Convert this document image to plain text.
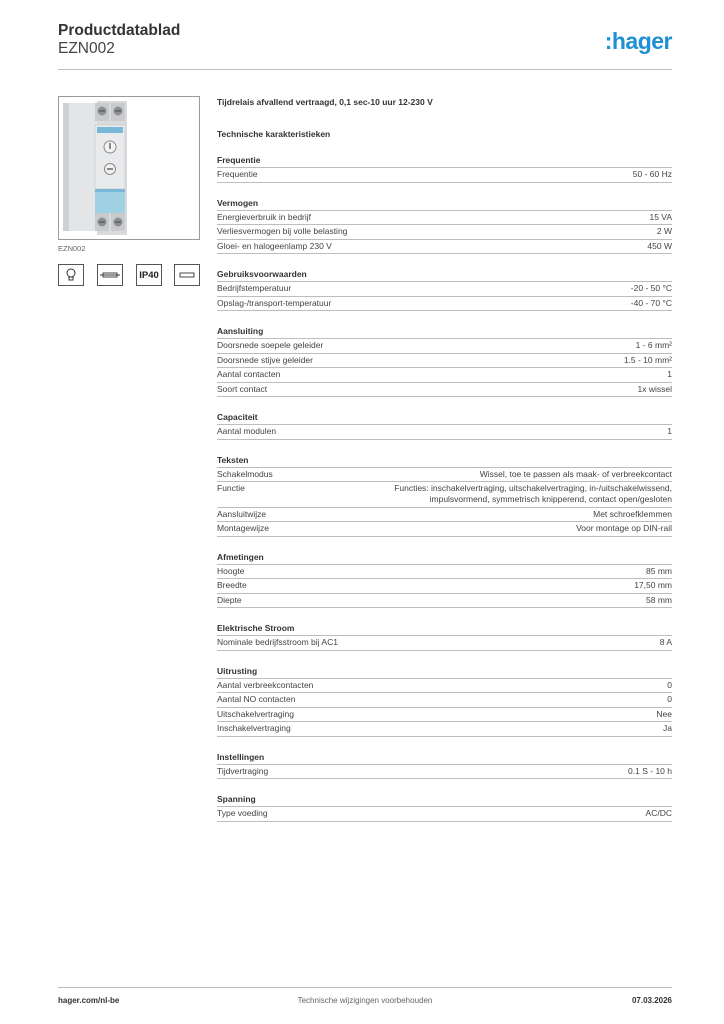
Productdatablad
EZN002	:hager
EZN002
IP40
Tijdrelais afvallend vertraagd, 0,1 sec-10 uur 12-230 V
Technische karakteristieken
Frequentie
Frequentie	50 - 60 Hz
Vermogen
Energieverbruik in bedrijf	15 VA
Verliesvermogen bij volle belasting	2 W
Gloei- en halogeenlamp 230 V	450 W
Gebruiksvoorwaarden
Bedrijfstemperatuur	-20 - 50 °C
Opslag-/transport-temperatuur	-40 - 70 °C
Aansluiting
Doorsnede soepele geleider	1 - 6 mm²
Doorsnede stijve geleider	1.5 - 10 mm²
Aantal contacten	1
Soort contact	1x wissel
Capaciteit
Aantal modulen	1
Teksten
Schakelmodus	Wissel, toe te passen als maak- of verbreekcontact
Functie	Functies: inschakelvertraging, uitschakelvertraging, in-/uitschakelwissend, impulsvormend, symmetrisch knipperend, contact open/gesloten
Aansluitwijze	Met schroefklemmen
Montagewijze	Voor montage op DIN-rail
Afmetingen
Hoogte	85 mm
Breedte	17,50 mm
Diepte	58 mm
Elektrische Stroom
Nominale bedrijfsstroom bij AC1	8 A
Uitrusting
Aantal verbreekcontacten	0
Aantal NO contacten	0
Uitschakelvertraging	Nee
Inschakelvertraging	Ja
Instellingen
Tijdvertraging	0.1 S - 10 h
Spanning
Type voeding	AC/DC
hager.com/nl-be	Technische wijzigingen voorbehouden	07.03.2026
